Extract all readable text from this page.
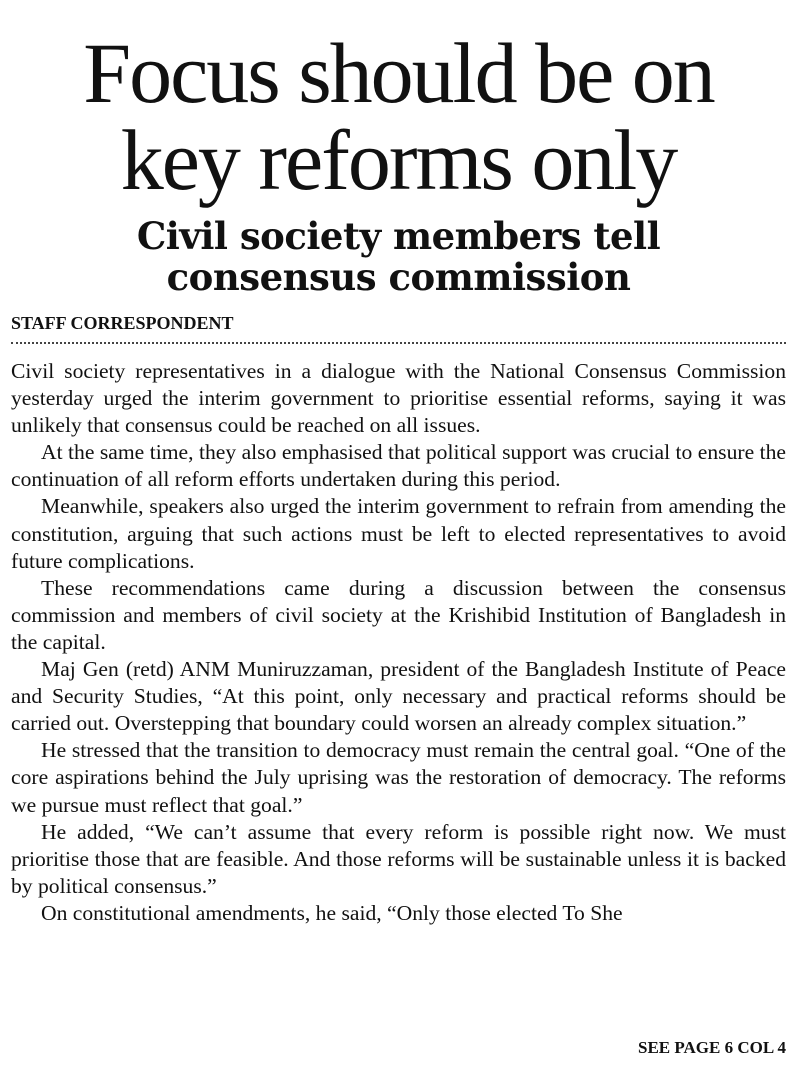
Focus should be on
key reforms only
Civil society members tell
consensus commission
STAFF CORRESPONDENT

Civil society representatives in a dialogue with the National Consensus Commission yesterday urged the interim government to prioritise essential reforms, saying it was unlikely that consensus could be reached on all issues.

At the same time, they also emphasised that political support was crucial to ensure the continuation of all reform efforts undertaken during this period.

Meanwhile, speakers also urged the interim government to refrain from amending the constitution, arguing that such actions must be left to elected representatives to avoid future complications.

These recommendations came during a discussion between the consensus commission and members of civil society at the Krishibid Institution of Bangladesh in the capital.

Maj Gen (retd) ANM Muniruzzaman, president of the Bangladesh Institute of Peace and Security Studies, “At this point, only necessary and practical reforms should be carried out. Overstepping that boundary could worsen an already complex situation.”

He stressed that the transition to democracy must remain the central goal. “One of the core aspirations behind the July uprising was the restoration of democracy. The reforms we pursue must reflect that goal.”

He added, “We can’t assume that every reform is possible right now. We must prioritise those that are feasible. And those reforms will be sustainable unless it is backed by political consensus.”

On constitutional amendments, he said, “Only those elected To She

SEE PAGE 6 COL 4
